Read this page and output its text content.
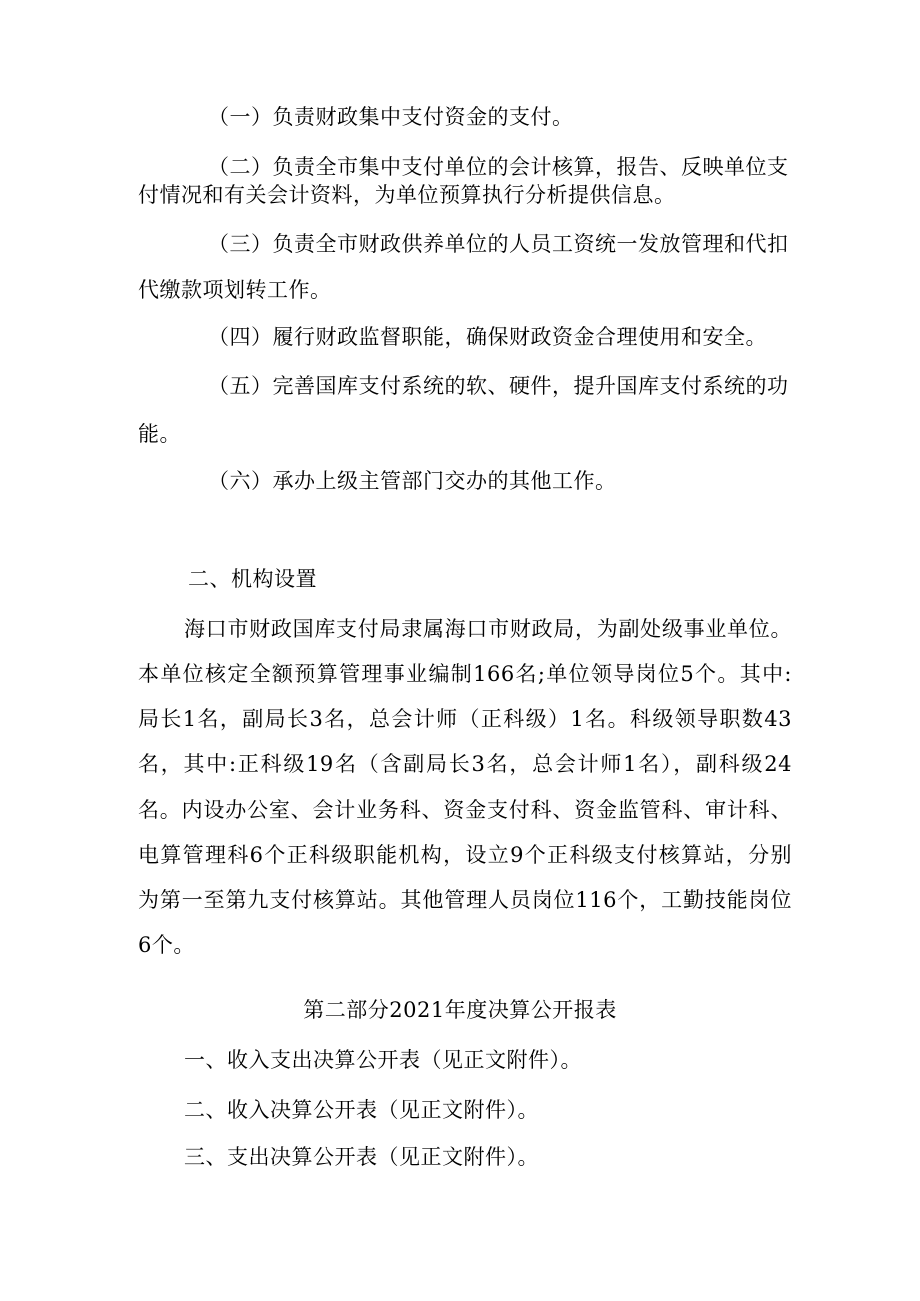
（一）负责财政集中支付资金的支付。
（二）负责全市集中支付单位的会计核算，报告、反映单位支
付情况和有关会计资料，为单位预算执行分析提供信息。
（三）负责全市财政供养单位的人员工资统一发放管理和代扣
代缴款项划转工作。
（四）履行财政监督职能，确保财政资金合理使用和安全。
（五）完善国库支付系统的软、硬件，提升国库支付系统的功
能。
（六）承办上级主管部门交办的其他工作。
二、机构设置
海口市财政国库支付局隶属海口市财政局，为副处级事业单位。
本单位核定全额预算管理事业编制166名;单位领导岗位5个。其中:
局长1名，副局长3名，总会计师（正科级）1名。科级领导职数43
名，其中:正科级19名（含副局长3名，总会计师1名），副科级24
名。内设办公室、会计业务科、资金支付科、资金监管科、审计科、
电算管理科6个正科级职能机构，设立9个正科级支付核算站，分别
为第一至第九支付核算站。其他管理人员岗位116个，工勤技能岗位
6个。
第二部分2021年度决算公开报表
一、收入支出决算公开表（见正文附件）。
二、收入决算公开表（见正文附件）。
三、支出决算公开表（见正文附件）。
